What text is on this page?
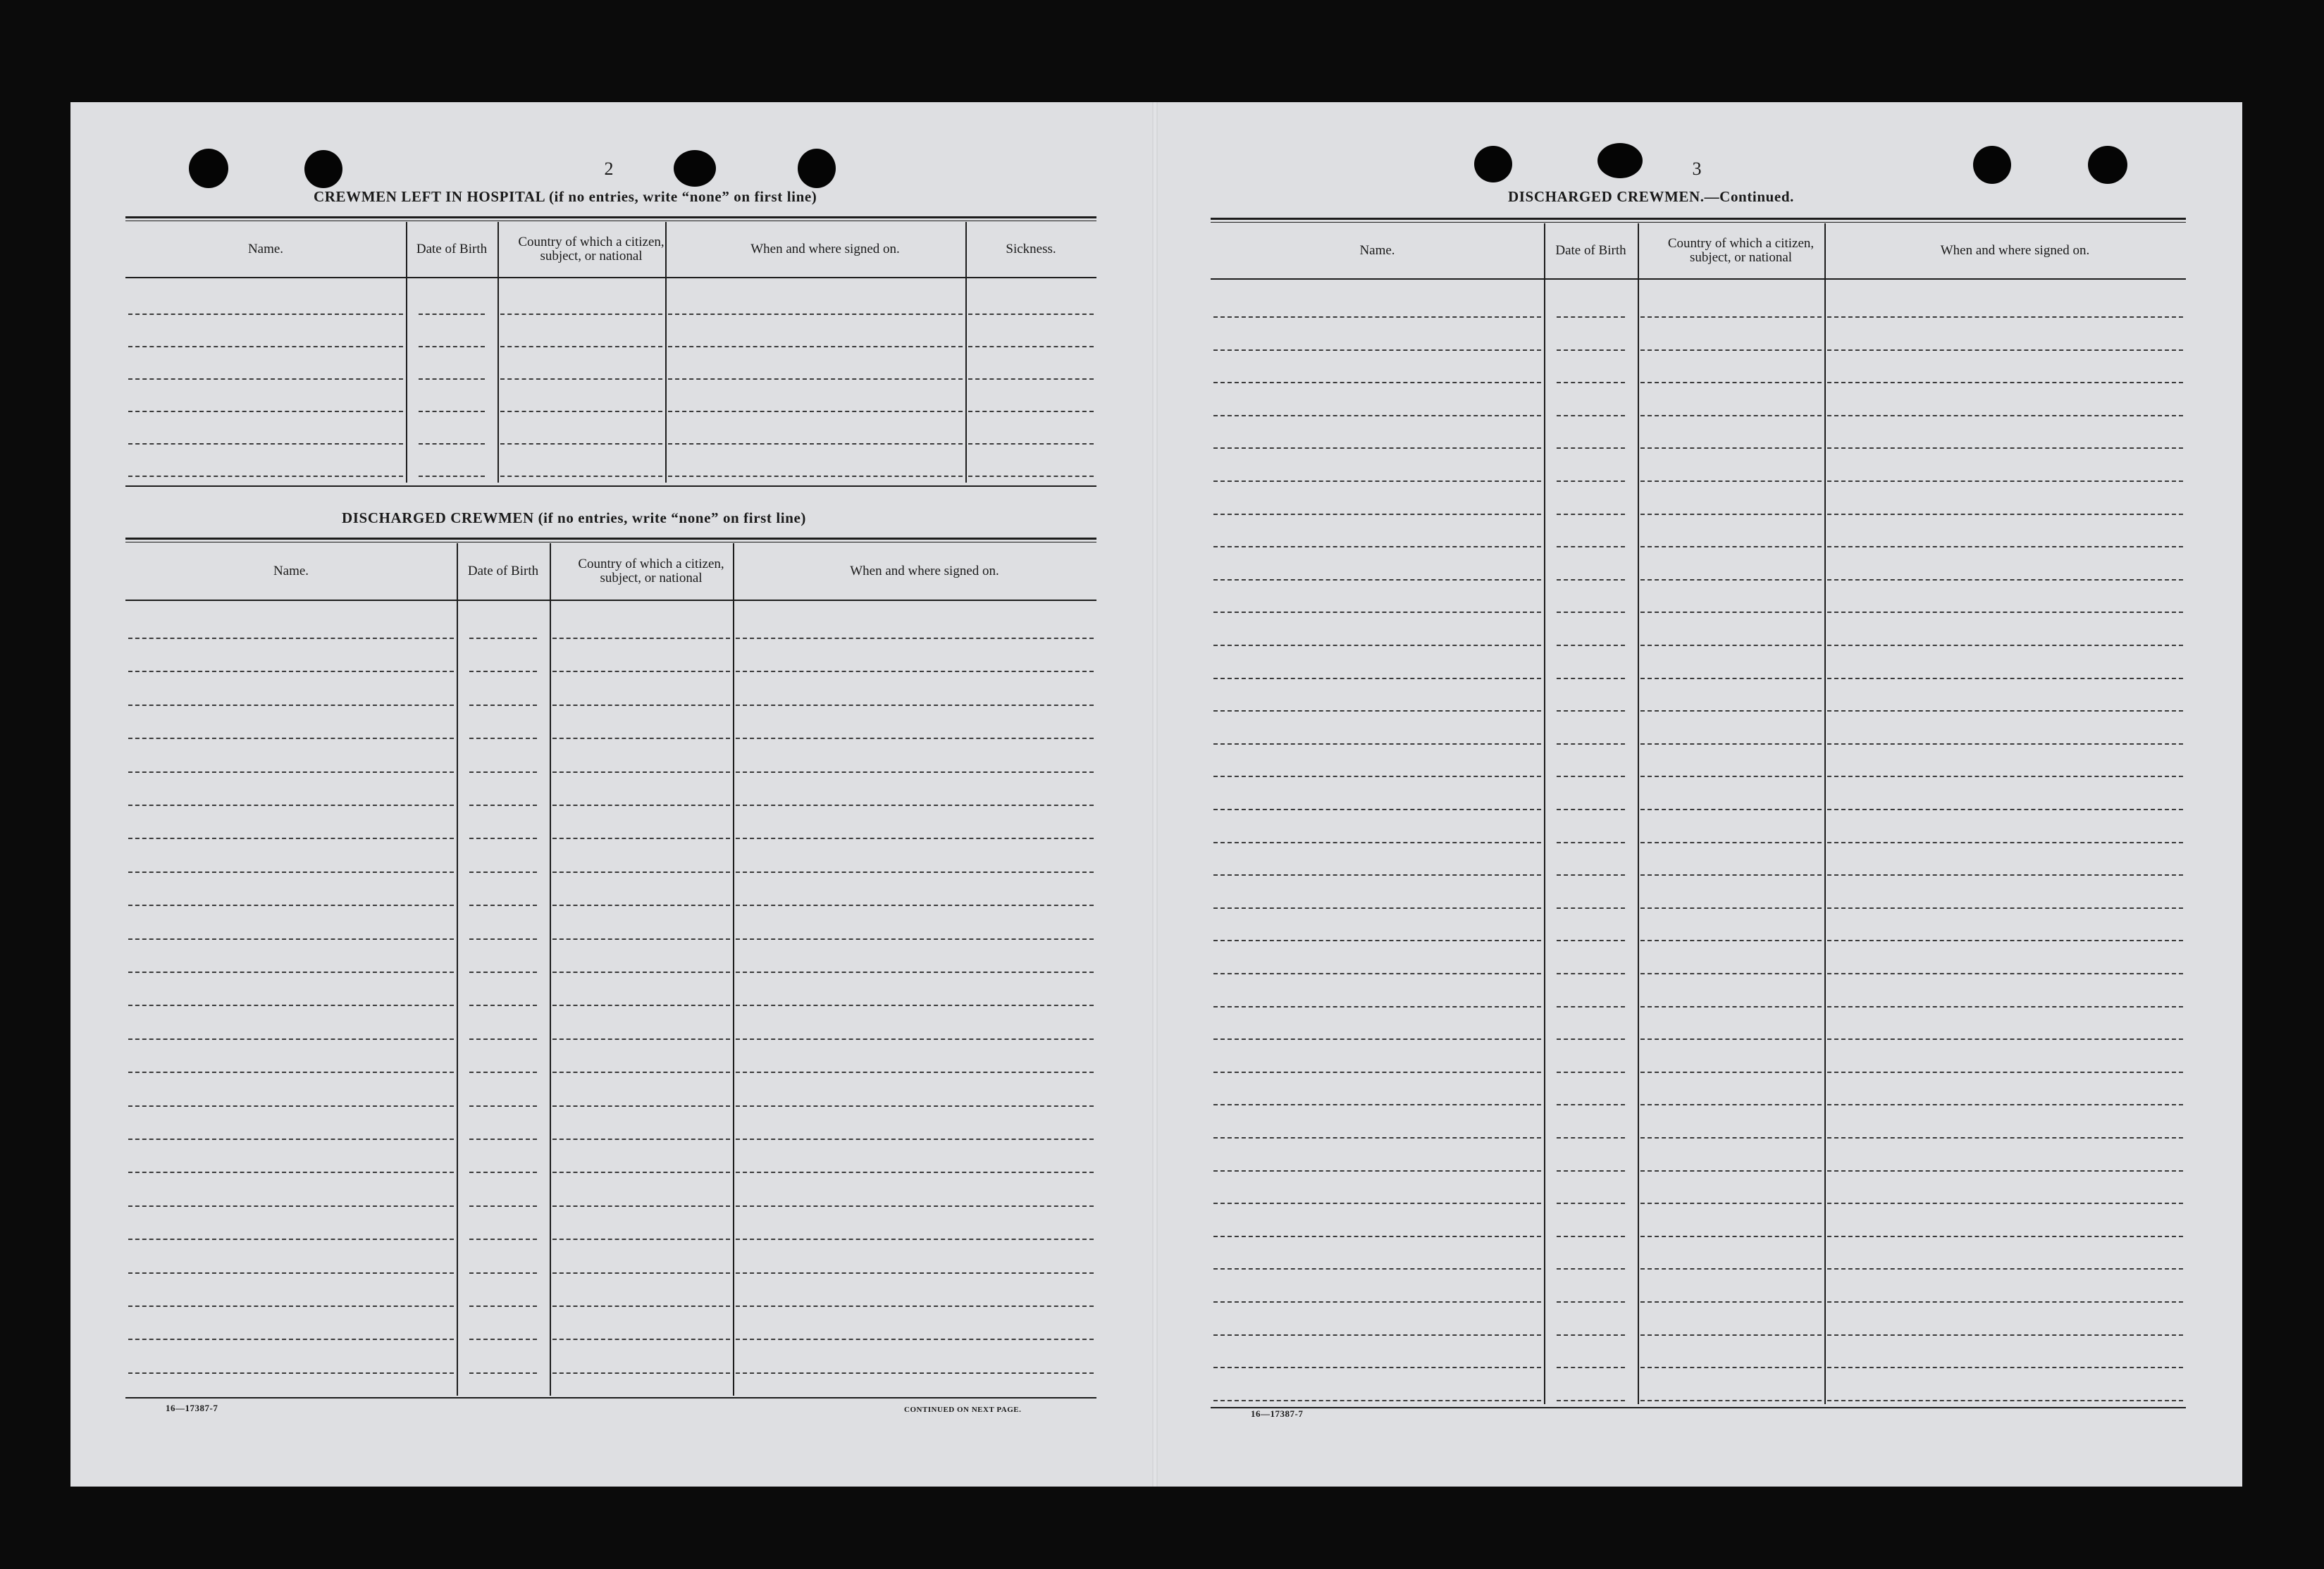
2
CREWMEN LEFT IN HOSPITAL (if no entries, write “none” on first line)
Name.	Date of Birth	Country of which a citizen, subject, or national	When and where signed on.	Sickness.
DISCHARGED CREWMEN (if no entries, write “none” on first line)
Name.	Date of Birth	Country of which a citizen, subject, or national	When and where signed on.
16—17387-7	CONTINUED ON NEXT PAGE.
3
DISCHARGED CREWMEN.—Continued.
Name.	Date of Birth	Country of which a citizen, subject, or national	When and where signed on.
16—17387-7
